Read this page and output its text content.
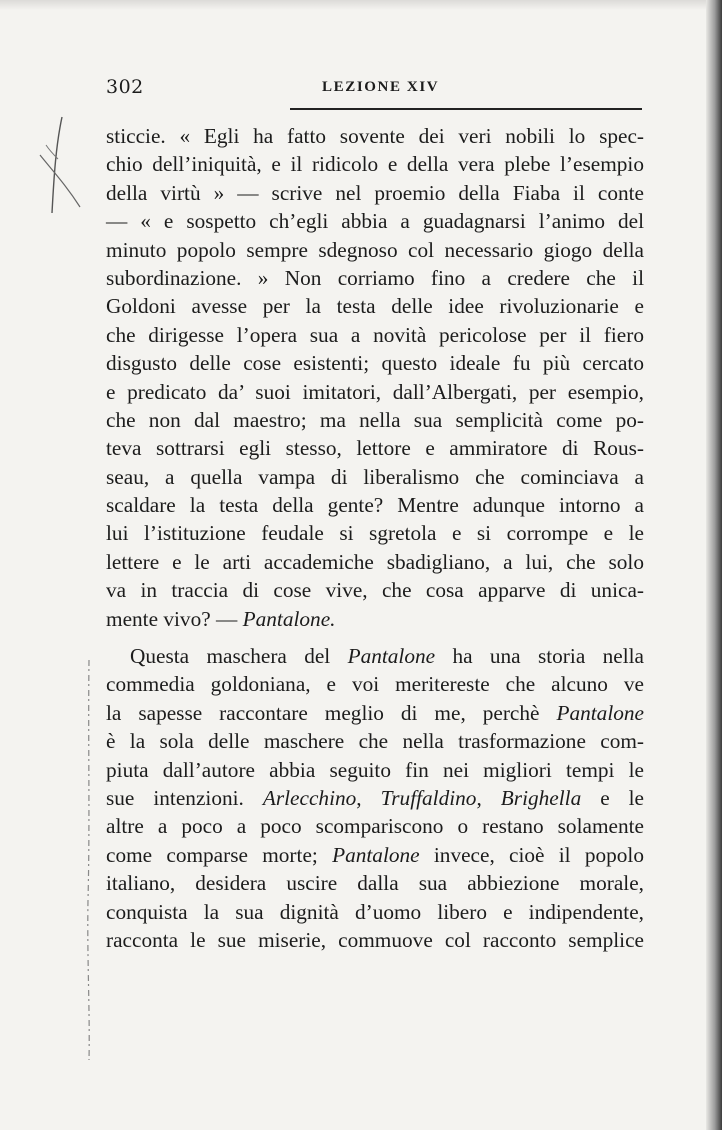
302	LEZIONE XIV
sticcie. « Egli ha fatto sovente dei veri nobili lo spec-
chio dell’iniquità, e il ridicolo e della vera plebe l’esempio
della virtù » — scrive nel proemio della Fiaba il conte
— « e sospetto ch’egli abbia a guadagnarsi l’animo del
minuto popolo sempre sdegnoso col necessario giogo della
subordinazione. » Non corriamo fino a credere che il
Goldoni avesse per la testa delle idee rivoluzionarie e
che dirigesse l’opera sua a novità pericolose per il fiero
disgusto delle cose esistenti; questo ideale fu più cercato
e predicato da’ suoi imitatori, dall’Albergati, per esempio,
che non dal maestro; ma nella sua semplicità come po-
teva sottrarsi egli stesso, lettore e ammiratore di Rous-
seau, a quella vampa di liberalismo che cominciava a
scaldare la testa della gente? Mentre adunque intorno a
lui l’istituzione feudale si sgretola e si corrompe e le
lettere e le arti accademiche sbadigliano, a lui, che solo
va in traccia di cose vive, che cosa apparve di unica-
mente vivo? — Pantalone.
Questa maschera del Pantalone ha una storia nella
commedia goldoniana, e voi meritereste che alcuno ve
la sapesse raccontare meglio di me, perchè Pantalone
è la sola delle maschere che nella trasformazione com-
piuta dall’autore abbia seguito fin nei migliori tempi le
sue intenzioni. Arlecchino, Truffaldino, Brighella e le
altre a poco a poco scompariscono o restano solamente
come comparse morte; Pantalone invece, cioè il popolo
italiano, desidera uscire dalla sua abbiezione morale,
conquista la sua dignità d’uomo libero e indipendente,
racconta le sue miserie, commuove col racconto semplice
